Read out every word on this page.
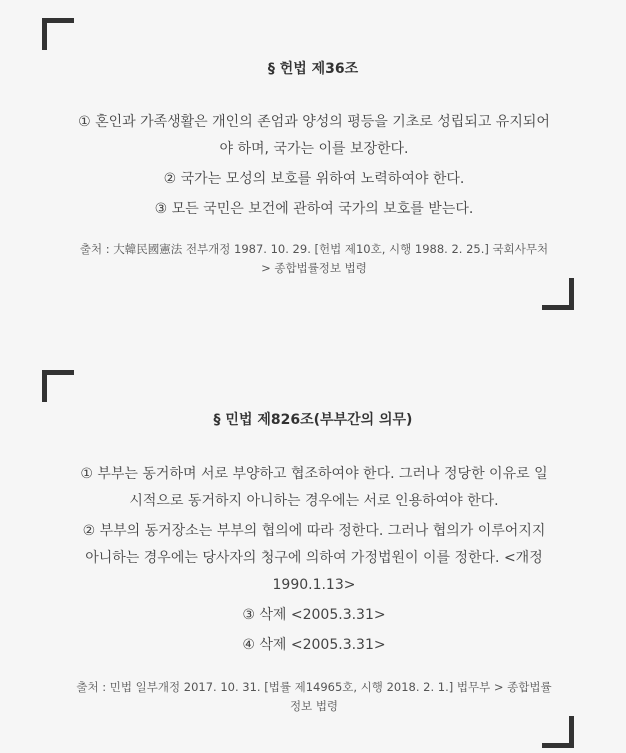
§ 헌법 제36조

① 혼인과 가족생활은 개인의 존엄과 양성의 평등을 기초로 성립되고 유지되어야 하며, 국가는 이를 보장한다.

② 국가는 모성의 보호를 위하여 노력하여야 한다.

③ 모든 국민은 보건에 관하여 국가의 보호를 받는다.

출처 : 大韓民國憲法 전부개정 1987. 10. 29. [헌법 제10호, 시행 1988. 2. 25.] 국회사무처 > 종합법률정보 법령
§ 민법 제826조(부부간의 의무)

① 부부는 동거하며 서로 부양하고 협조하여야 한다. 그러나 정당한 이유로 일시적으로 동거하지 아니하는 경우에는 서로 인용하여야 한다.

② 부부의 동거장소는 부부의 협의에 따라 정한다. 그러나 협의가 이루어지지 아니하는 경우에는 당사자의 청구에 의하여 가정법원이 이를 정한다. <개정 1990.1.13>

③ 삭제 <2005.3.31>

④ 삭제 <2005.3.31>

출처 : 민법 일부개정 2017. 10. 31. [법률 제14965호, 시행 2018. 2. 1.] 법무부 > 종합법률정보 법령
